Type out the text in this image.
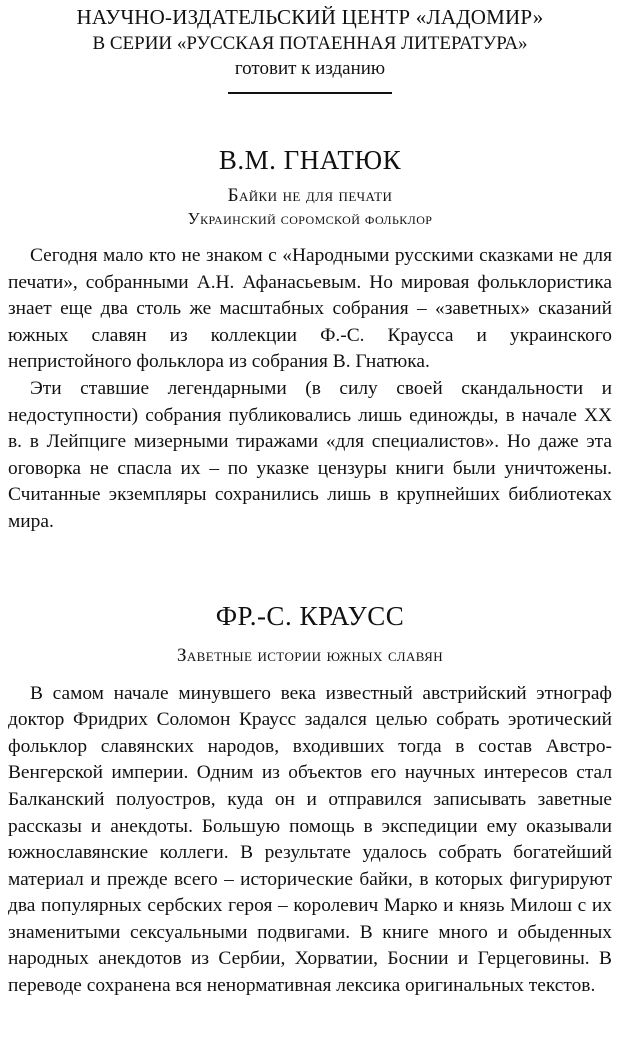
НАУЧНО-ИЗДАТЕЛЬСКИЙ ЦЕНТР «ЛАДОМИР»
В СЕРИИ «РУССКАЯ ПОТАЕННАЯ ЛИТЕРАТУРА»
готовит к изданию
В.М. ГНАТЮК
Байки не для печати
Украинский соромской фольклор

Сегодня мало кто не знаком с «Народными русскими сказками не для печати», собранными А.Н. Афанасьевым. Но мировая фольклористика знает еще два столь же масштабных собрания – «заветных» сказаний южных славян из коллекции Ф.-С. Краусса и украинского непристойного фольклора из собрания В. Гнатюка.

Эти ставшие легендарными (в силу своей скандальности и недоступности) собрания публиковались лишь единожды, в начале XX в. в Лейпциге мизерными тиражами «для специалистов». Но даже эта оговорка не спасла их – по указке цензуры книги были уничтожены. Считанные экземпляры сохранились лишь в крупнейших библиотеках мира.

ФР.-С. КРАУСС
Заветные истории южных славян

В самом начале минувшего века известный австрийский этнограф доктор Фридрих Соломон Краусс задался целью собрать эротический фольклор славянских народов, входивших тогда в состав Австро-Венгерской империи. Одним из объектов его научных интересов стал Балканский полуостров, куда он и отправился записывать заветные рассказы и анекдоты. Большую помощь в экспедиции ему оказывали южнославянские коллеги. В результате удалось собрать богатейший материал и прежде всего – исторические байки, в которых фигурируют два популярных сербских героя – королевич Марко и князь Милош с их знаменитыми сексуальными подвигами. В книге много и обыденных народных анекдотов из Сербии, Хорватии, Боснии и Герцеговины. В переводе сохранена вся ненормативная лексика оригинальных текстов.
